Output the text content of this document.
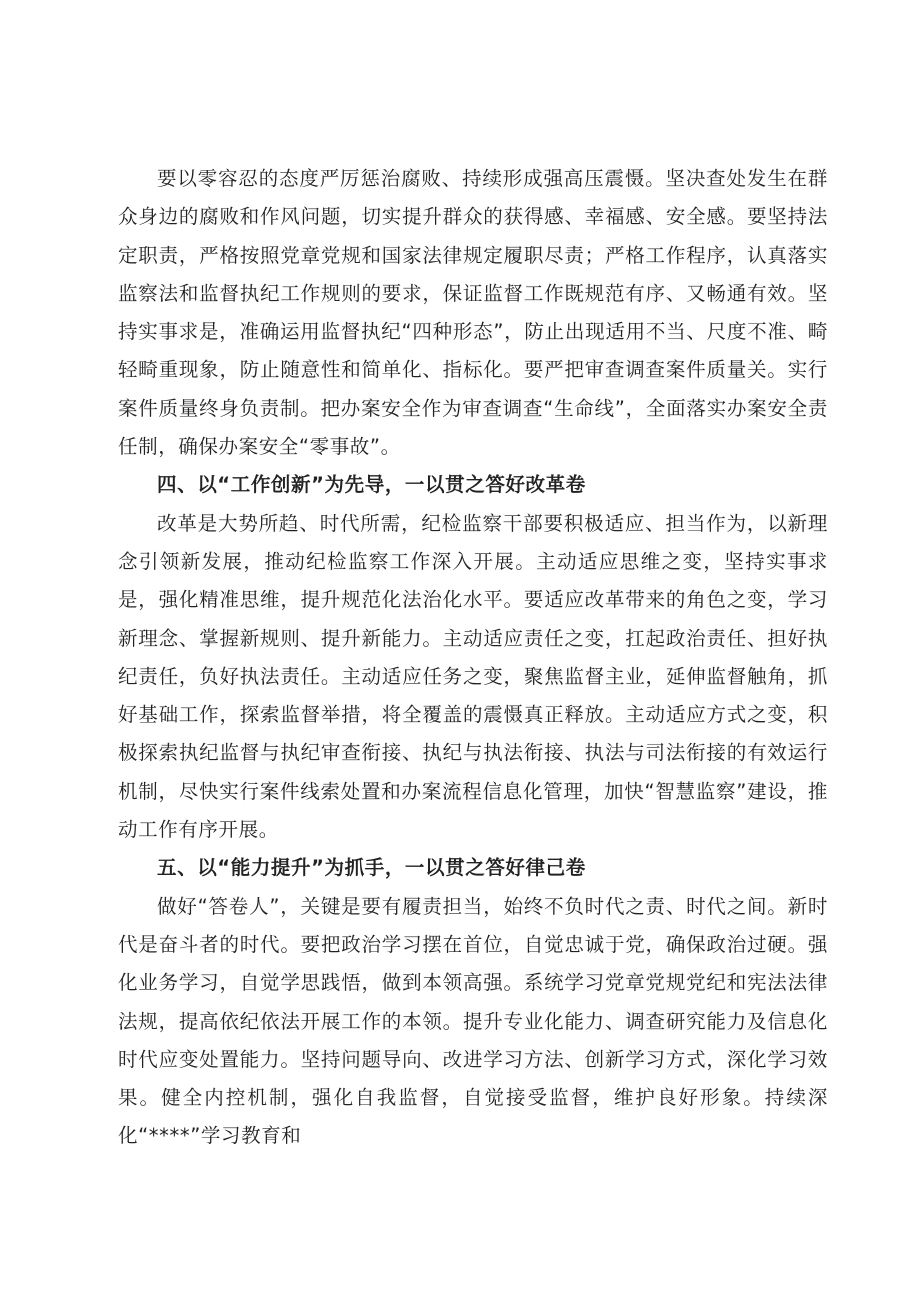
要以零容忍的态度严厉惩治腐败、持续形成强高压震慑。坚决查处发生在群众身边的腐败和作风问题，切实提升群众的获得感、幸福感、安全感。要坚持法定职责，严格按照党章党规和国家法律规定履职尽责；严格工作程序，认真落实监察法和监督执纪工作规则的要求，保证监督工作既规范有序、又畅通有效。坚持实事求是，准确运用监督执纪“四种形态”，防止出现适用不当、尺度不准、畸轻畸重现象，防止随意性和简单化、指标化。要严把审查调查案件质量关。实行案件质量终身负责制。把办案安全作为审查调查“生命线”，全面落实办案安全责任制，确保办案安全“零事故”。

四、以“工作创新”为先导，一以贯之答好改革卷

改革是大势所趋、时代所需，纪检监察干部要积极适应、担当作为，以新理念引领新发展，推动纪检监察工作深入开展。主动适应思维之变，坚持实事求是，强化精准思维，提升规范化法治化水平。要适应改革带来的角色之变，学习新理念、掌握新规则、提升新能力。主动适应责任之变，扛起政治责任、担好执纪责任，负好执法责任。主动适应任务之变，聚焦监督主业，延伸监督触角，抓好基础工作，探索监督举措，将全覆盖的震慑真正释放。主动适应方式之变，积极探索执纪监督与执纪审查衔接、执纪与执法衔接、执法与司法衔接的有效运行机制，尽快实行案件线索处置和办案流程信息化管理，加快“智慧监察”建设，推动工作有序开展。

五、以“能力提升”为抓手，一以贯之答好律己卷

做好“答卷人”，关键是要有履责担当，始终不负时代之责、时代之间。新时代是奋斗者的时代。要把政治学习摆在首位，自觉忠诚于党，确保政治过硬。强化业务学习，自觉学思践悟，做到本领高强。系统学习党章党规党纪和宪法法律法规，提高依纪依法开展工作的本领。提升专业化能力、调查研究能力及信息化时代应变处置能力。坚持问题导向、改进学习方法、创新学习方式，深化学习效果。健全内控机制，强化自我监督，自觉接受监督，维护良好形象。持续深化“****”学习教育和
